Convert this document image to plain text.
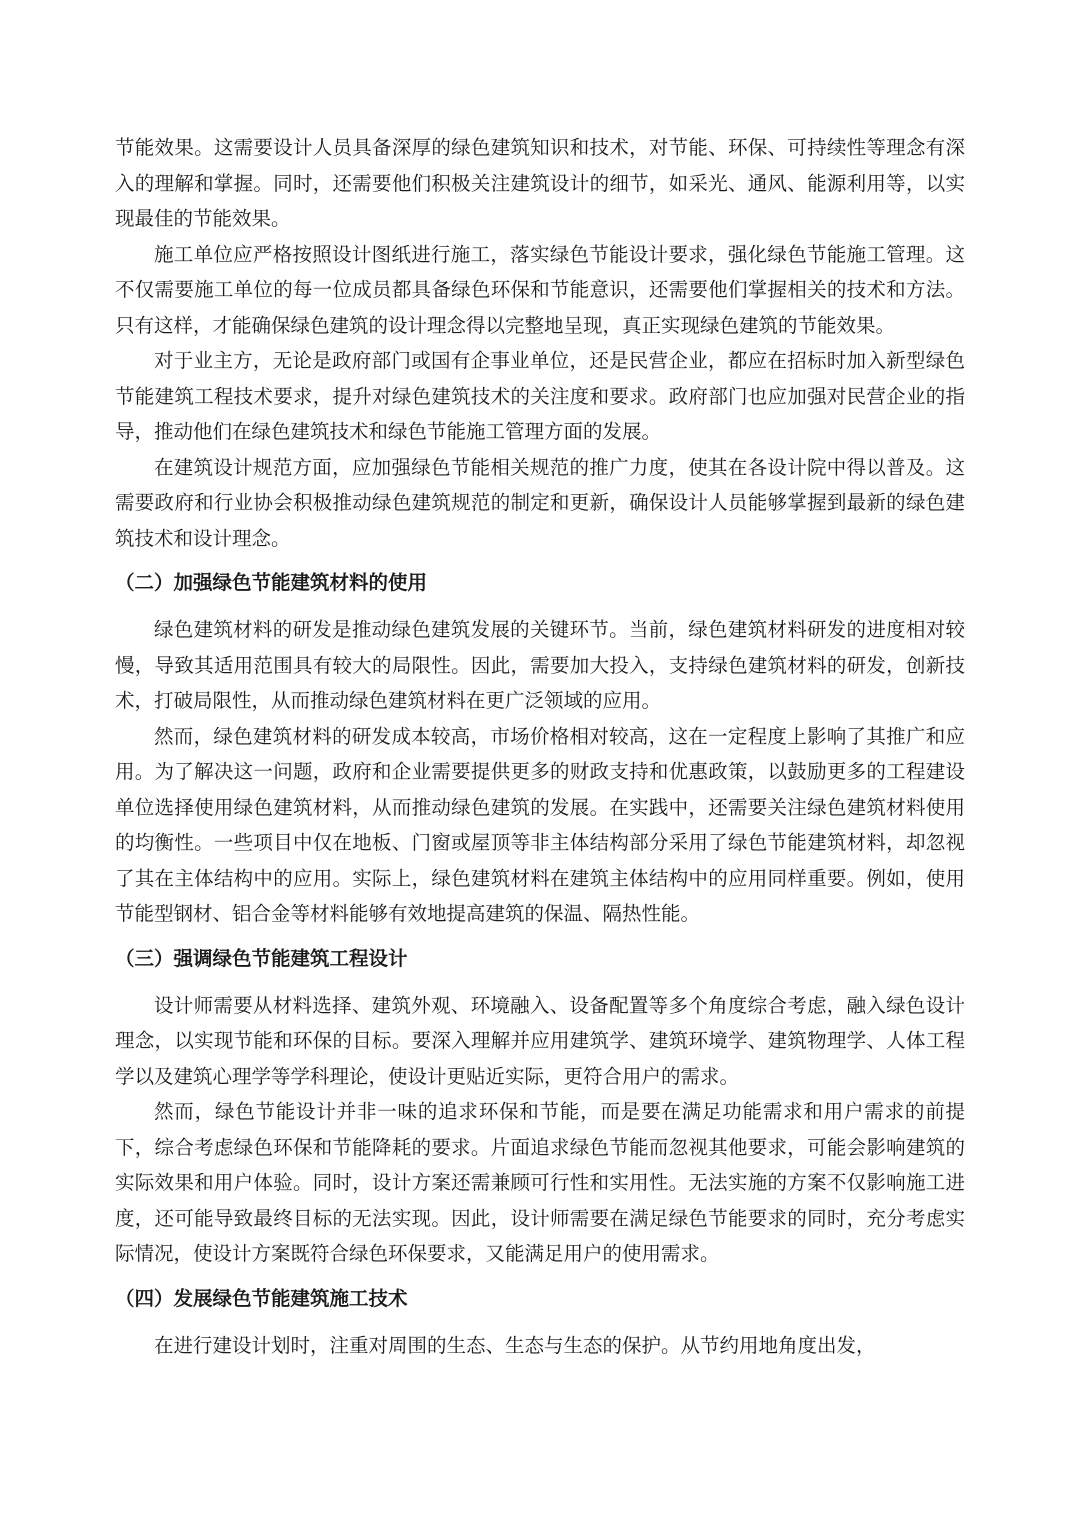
节能效果。这需要设计人员具备深厚的绿色建筑知识和技术，对节能、环保、可持续性等理念有深入的理解和掌握。同时，还需要他们积极关注建筑设计的细节，如采光、通风、能源利用等，以实现最佳的节能效果。

施工单位应严格按照设计图纸进行施工，落实绿色节能设计要求，强化绿色节能施工管理。这不仅需要施工单位的每一位成员都具备绿色环保和节能意识，还需要他们掌握相关的技术和方法。只有这样，才能确保绿色建筑的设计理念得以完整地呈现，真正实现绿色建筑的节能效果。

对于业主方，无论是政府部门或国有企事业单位，还是民营企业，都应在招标时加入新型绿色节能建筑工程技术要求，提升对绿色建筑技术的关注度和要求。政府部门也应加强对民营企业的指导，推动他们在绿色建筑技术和绿色节能施工管理方面的发展。

在建筑设计规范方面，应加强绿色节能相关规范的推广力度，使其在各设计院中得以普及。这需要政府和行业协会积极推动绿色建筑规范的制定和更新，确保设计人员能够掌握到最新的绿色建筑技术和设计理念。

（二）加强绿色节能建筑材料的使用

绿色建筑材料的研发是推动绿色建筑发展的关键环节。当前，绿色建筑材料研发的进度相对较慢，导致其适用范围具有较大的局限性。因此，需要加大投入，支持绿色建筑材料的研发，创新技术，打破局限性，从而推动绿色建筑材料在更广泛领域的应用。

然而，绿色建筑材料的研发成本较高，市场价格相对较高，这在一定程度上影响了其推广和应用。为了解决这一问题，政府和企业需要提供更多的财政支持和优惠政策，以鼓励更多的工程建设单位选择使用绿色建筑材料，从而推动绿色建筑的发展。在实践中，还需要关注绿色建筑材料使用的均衡性。一些项目中仅在地板、门窗或屋顶等非主体结构部分采用了绿色节能建筑材料，却忽视了其在主体结构中的应用。实际上，绿色建筑材料在建筑主体结构中的应用同样重要。例如，使用节能型钢材、铝合金等材料能够有效地提高建筑的保温、隔热性能。

（三）强调绿色节能建筑工程设计

设计师需要从材料选择、建筑外观、环境融入、设备配置等多个角度综合考虑，融入绿色设计理念，以实现节能和环保的目标。要深入理解并应用建筑学、建筑环境学、建筑物理学、人体工程学以及建筑心理学等学科理论，使设计更贴近实际，更符合用户的需求。

然而，绿色节能设计并非一味的追求环保和节能，而是要在满足功能需求和用户需求的前提下，综合考虑绿色环保和节能降耗的要求。片面追求绿色节能而忽视其他要求，可能会影响建筑的实际效果和用户体验。同时，设计方案还需兼顾可行性和实用性。无法实施的方案不仅影响施工进度，还可能导致最终目标的无法实现。因此，设计师需要在满足绿色节能要求的同时，充分考虑实际情况，使设计方案既符合绿色环保要求，又能满足用户的使用需求。

（四）发展绿色节能建筑施工技术

在进行建设计划时，注重对周围的生态、生态与生态的保护。从节约用地角度出发，
